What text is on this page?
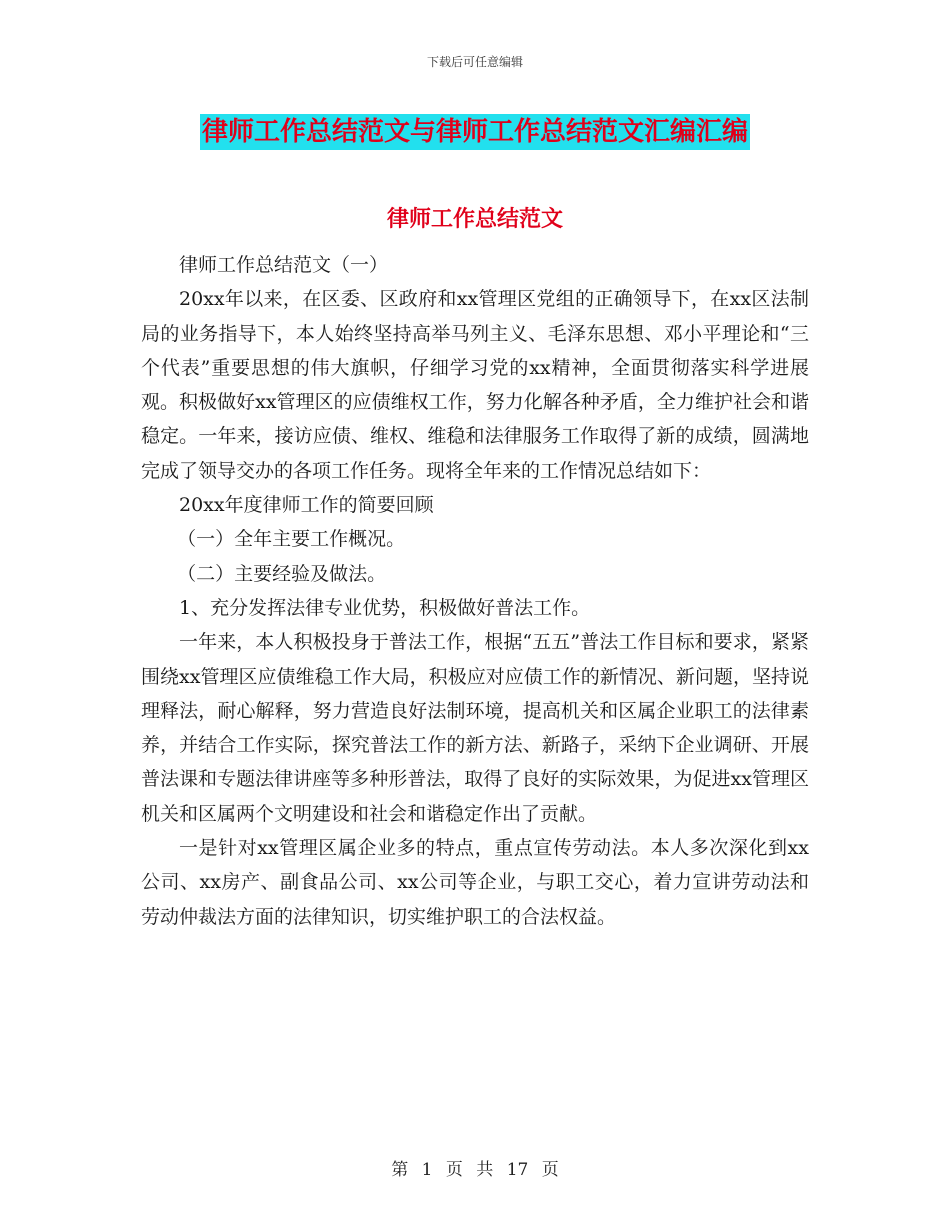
下载后可任意编辑
律师工作总结范文与律师工作总结范文汇编汇编
律师工作总结范文

律师工作总结范文（一）

20xx年以来，在区委、区政府和xx管理区党组的正确领导下，在xx区法制局的业务指导下，本人始终坚持高举马列主义、毛泽东思想、邓小平理论和“三个代表”重要思想的伟大旗帜，仔细学习党的xx精神，全面贯彻落实科学进展观。积极做好xx管理区的应债维权工作，努力化解各种矛盾，全力维护社会和谐稳定。一年来，接访应债、维权、维稳和法律服务工作取得了新的成绩，圆满地完成了领导交办的各项工作任务。现将全年来的工作情况总结如下：

20xx年度律师工作的简要回顾

（一）全年主要工作概况。

（二）主要经验及做法。

1、充分发挥法律专业优势，积极做好普法工作。

一年来，本人积极投身于普法工作，根据“五五”普法工作目标和要求，紧紧围绕xx管理区应债维稳工作大局，积极应对应债工作的新情况、新问题，坚持说理释法，耐心解释，努力营造良好法制环境，提高机关和区属企业职工的法律素养，并结合工作实际，探究普法工作的新方法、新路子，采纳下企业调研、开展普法课和专题法律讲座等多种形普法，取得了良好的实际效果，为促进xx管理区机关和区属两个文明建设和社会和谐稳定作出了贡献。

一是针对xx管理区属企业多的特点，重点宣传劳动法。本人多次深化到xx公司、xx房产、副食品公司、xx公司等企业，与职工交心，着力宣讲劳动法和劳动仲裁法方面的法律知识，切实维护职工的合法权益。

第 1 页 共 17 页
